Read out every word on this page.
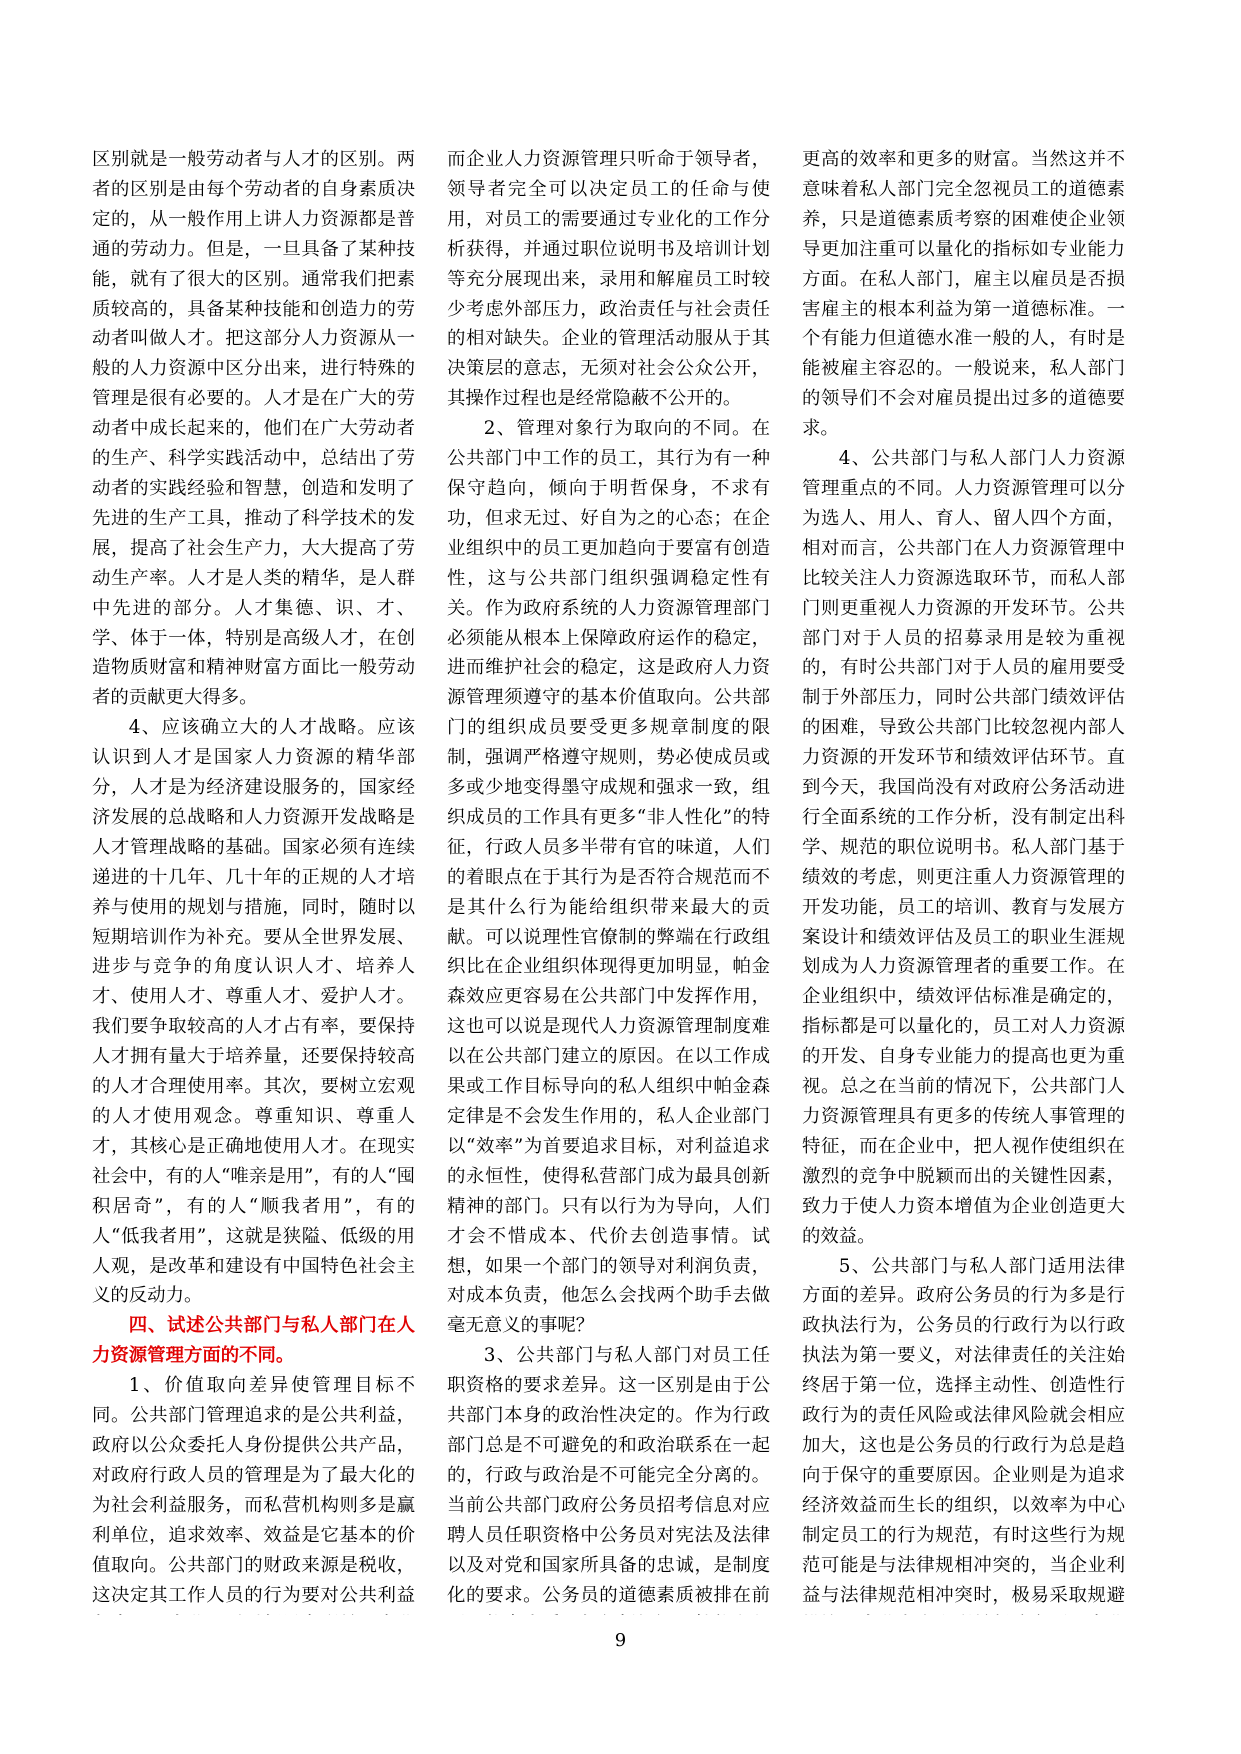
区别就是一般劳动者与人才的区别。两者的区别是由每个劳动者的自身素质决定的，从一般作用上讲人力资源都是普通的劳动力。但是，一旦具备了某种技能，就有了很大的区别。通常我们把素质较高的，具备某种技能和创造力的劳动者叫做人才。把这部分人力资源从一般的人力资源中区分出来，进行特殊的管理是很有必要的。人才是在广大的劳动者中成长起来的，他们在广大劳动者的生产、科学实践活动中，总结出了劳动者的实践经验和智慧，创造和发明了先进的生产工具，推动了科学技术的发展，提高了社会生产力，大大提高了劳动生产率。人才是人类的精华，是人群中先进的部分。人才集德、识、才、学、体于一体，特别是高级人才，在创造物质财富和精神财富方面比一般劳动者的贡献更大得多。

4、应该确立大的人才战略。应该认识到人才是国家人力资源的精华部分，人才是为经济建设服务的，国家经济发展的总战略和人力资源开发战略是人才管理战略的基础。国家必须有连续递进的十几年、几十年的正规的人才培养与使用的规划与措施，同时，随时以短期培训作为补充。要从全世界发展、进步与竞争的角度认识人才、培养人才、使用人才、尊重人才、爱护人才。我们要争取较高的人才占有率，要保持人才拥有量大于培养量，还要保持较高的人才合理使用率。其次，要树立宏观的人才使用观念。尊重知识、尊重人才，其核心是正确地使用人才。在现实社会中，有的人“唯亲是用”，有的人“囤积居奇”，有的人“顺我者用”，有的人“低我者用”，这就是狭隘、低级的用人观，是改革和建设有中国特色社会主义的反动力。

四、试述公共部门与私人部门在人力资源管理方面的不同。

1、价值取向差异使管理目标不同。公共部门管理追求的是公共利益，政府以公众委托人身份提供公共产品，对政府行政人员的管理是为了最大化的为社会利益服务，而私营机构则多是赢利单位，追求效率、效益是它基本的价值取向。公共部门的财政来源是税收，这决定其工作人员的行为要对公共利益

而企业人力资源管理只听命于领导者，领导者完全可以决定员工的任命与使用，对员工的需要通过专业化的工作分析获得，并通过职位说明书及培训计划等充分展现出来，录用和解雇员工时较少考虑外部压力，政治责任与社会责任的相对缺失。企业的管理活动服从于其决策层的意志，无须对社会公众公开，其操作过程也是经常隐蔽不公开的。

2、管理对象行为取向的不同。在公共部门中工作的员工，其行为有一种保守趋向，倾向于明哲保身，不求有功，但求无过、好自为之的心态；在企业组织中的员工更加趋向于要富有创造性，这与公共部门组织强调稳定性有关。作为政府系统的人力资源管理部门必须能从根本上保障政府运作的稳定，进而维护社会的稳定，这是政府人力资源管理须遵守的基本价值取向。公共部门的组织成员要受更多规章制度的限制，强调严格遵守规则，势必使成员或多或少地变得墨守成规和强求一致，组织成员的工作具有更多“非人性化”的特征，行政人员多半带有官的味道，人们的着眼点在于其行为是否符合规范而不是其什么行为能给组织带来最大的贡献。可以说理性官僚制的弊端在行政组织比在企业组织体现得更加明显，帕金森效应更容易在公共部门中发挥作用，这也可以说是现代人力资源管理制度难以在公共部门建立的原因。在以工作成果或工作目标导向的私人组织中帕金森定律是不会发生作用的，私人企业部门以“效率”为首要追求目标，对利益追求的永恒性，使得私营部门成为最具创新精神的部门。只有以行为为导向，人们才会不惜成本、代价去创造事情。试想，如果一个部门的领导对利润负责，对成本负责，他怎么会找两个助手去做毫无意义的事呢？

3、公共部门与私人部门对员工任职资格的要求差异。这一区别是由于公共部门本身的政治性决定的。作为行政部门总是不可避免的和政治联系在一起的，行政与政治是不可能完全分离的。当前公共部门政府公务员招考信息对应聘人员任职资格中公务员对宪法及法律以及对党和国家所具备的忠诚，是制度化的要求。公务员的道德素质被排在前

更高的效率和更多的财富。当然这并不意味着私人部门完全忽视员工的道德素养，只是道德素质考察的困难使企业领导更加注重可以量化的指标如专业能力方面。在私人部门，雇主以雇员是否损害雇主的根本利益为第一道德标准。一个有能力但道德水准一般的人，有时是能被雇主容忍的。一般说来，私人部门的领导们不会对雇员提出过多的道德要求。

4、公共部门与私人部门人力资源管理重点的不同。人力资源管理可以分为选人、用人、育人、留人四个方面，相对而言，公共部门在人力资源管理中比较关注人力资源选取环节，而私人部门则更重视人力资源的开发环节。公共部门对于人员的招募录用是较为重视的，有时公共部门对于人员的雇用要受制于外部压力，同时公共部门绩效评估的困难，导致公共部门比较忽视内部人力资源的开发环节和绩效评估环节。直到今天，我国尚没有对政府公务活动进行全面系统的工作分析，没有制定出科学、规范的职位说明书。私人部门基于绩效的考虑，则更注重人力资源管理的开发功能，员工的培训、教育与发展方案设计和绩效评估及员工的职业生涯规划成为人力资源管理者的重要工作。在企业组织中，绩效评估标准是确定的，指标都是可以量化的，员工对人力资源的开发、自身专业能力的提高也更为重视。总之在当前的情况下，公共部门人力资源管理具有更多的传统人事管理的特征，而在企业中，把人视作使组织在激烈的竞争中脱颖而出的关键性因素，致力于使人力资本增值为企业创造更大的效益。

5、公共部门与私人部门适用法律方面的差异。政府公务员的行为多是行政执法行为，公务员的行政行为以行政执法为第一要义，对法律责任的关注始终居于第一位，选择主动性、创造性行政行为的责任风险或法律风险就会相应加大，这也是公务员的行政行为总是趋向于保守的重要原因。企业则是为追求经济效益而生长的组织，以效率为中心制定员工的行为规范，有时这些行为规范可能是与法律规相冲突的，当企业利益与法律规范相冲突时，极易采取规避

9
